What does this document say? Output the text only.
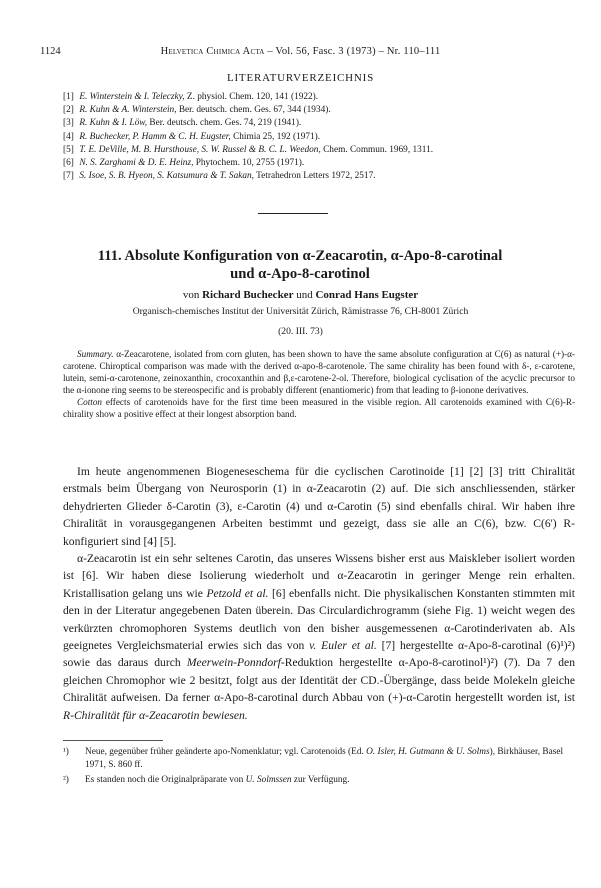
1124	Helvetica Chimica Acta – Vol. 56, Fasc. 3 (1973) – Nr. 110–111
LITERATURVERZEICHNIS
[1] E. Winterstein & I. Teleczky, Z. physiol. Chem. 120, 141 (1922).
[2] R. Kuhn & A. Winterstein, Ber. deutsch. chem. Ges. 67, 344 (1934).
[3] R. Kuhn & I. Löw, Ber. deutsch. chem. Ges. 74, 219 (1941).
[4] R. Buchecker, P. Hamm & C. H. Eugster, Chimia 25, 192 (1971).
[5] T. E. DeVille, M. B. Hursthouse, S. W. Russel & B. C. L. Weedon, Chem. Commun. 1969, 1311.
[6] N. S. Zarghami & D. E. Heinz, Phytochem. 10, 2755 (1971).
[7] S. Isoe, S. B. Hyeon, S. Katsumura & T. Sakan, Tetrahedron Letters 1972, 2517.
111. Absolute Konfiguration von α-Zeacarotin, α-Apo-8-carotinal
und α-Apo-8-carotinol
von Richard Buchecker und Conrad Hans Eugster
Organisch-chemisches Institut der Universität Zürich, Rämistrasse 76, CH-8001 Zürich
(20. III. 73)

Summary. α-Zeacarotene, isolated from corn gluten, has been shown to have the same absolute configuration at C(6) as natural (+)-α-carotene. Chiroptical comparison was made with the derived α-apo-8-carotenole. The same chirality has been found with δ-, ε-carotene, lutein, semi-α-carotenone, zeinoxanthin, crocoxanthin and β,ε-carotene-2-ol. Therefore, biological cyclisation of the acyclic precursor to the α-ionone ring seems to be stereospecific and is probably different (enantiomeric) from that leading to β-ionone derivatives.

Cotton effects of carotenoids have for the first time been measured in the visible region. All carotenoids examined with C(6)-R-chirality show a positive effect at their longest absorption band.

Im heute angenommenen Biogeneseschema für die cyclischen Carotinoide [1] [2] [3] tritt Chiralität erstmals beim Übergang von Neurosporin (1) in α-Zeacarotin (2) auf. Die sich anschliessenden, stärker dehydrierten Glieder δ-Carotin (3), ε-Carotin (4) und α-Carotin (5) sind ebenfalls chiral. Wir haben ihre Chiralität in vorausgegangenen Arbeiten bestimmt und gezeigt, dass sie alle an C(6), bzw. C(6') R-konfiguriert sind [4] [5].

α-Zeacarotin ist ein sehr seltenes Carotin, das unseres Wissens bisher erst aus Maiskleber isoliert worden ist [6]. Wir haben diese Isolierung wiederholt und α-Zeacarotin in geringer Menge rein erhalten. Kristallisation gelang uns wie Petzold et al. [6] ebenfalls nicht. Die physikalischen Konstanten stimmten mit den in der Literatur angegebenen Daten überein. Das Circulardichrogramm (siehe Fig. 1) weicht wegen des verkürzten chromophoren Systems deutlich von den bisher ausgemessenen α-Carotinderivaten ab. Als geeignetes Vergleichsmaterial erwies sich das von v. Euler et al. [7] hergestellte α-Apo-8-carotinal (6)¹)²) sowie das daraus durch Meerwein-Ponndorf-Reduktion hergestellte α-Apo-8-carotinol¹)²) (7). Da 7 den gleichen Chromophor wie 2 besitzt, folgt aus der Identität der CD.-Übergänge, dass beide Molekeln gleiche Chiralität aufweisen. Da ferner α-Apo-8-carotinal durch Abbau von (+)-α-Carotin hergestellt worden ist, ist R-Chiralität für α-Zeacarotin bewiesen.

¹) Neue, gegenüber früher geänderte apo-Nomenklatur; vgl. Carotenoids (Ed. O. Isler, H. Gutmann & U. Solms), Birkhäuser, Basel 1971, S. 860 ff.
²) Es standen noch die Originalpräparate von U. Solmssen zur Verfügung.
